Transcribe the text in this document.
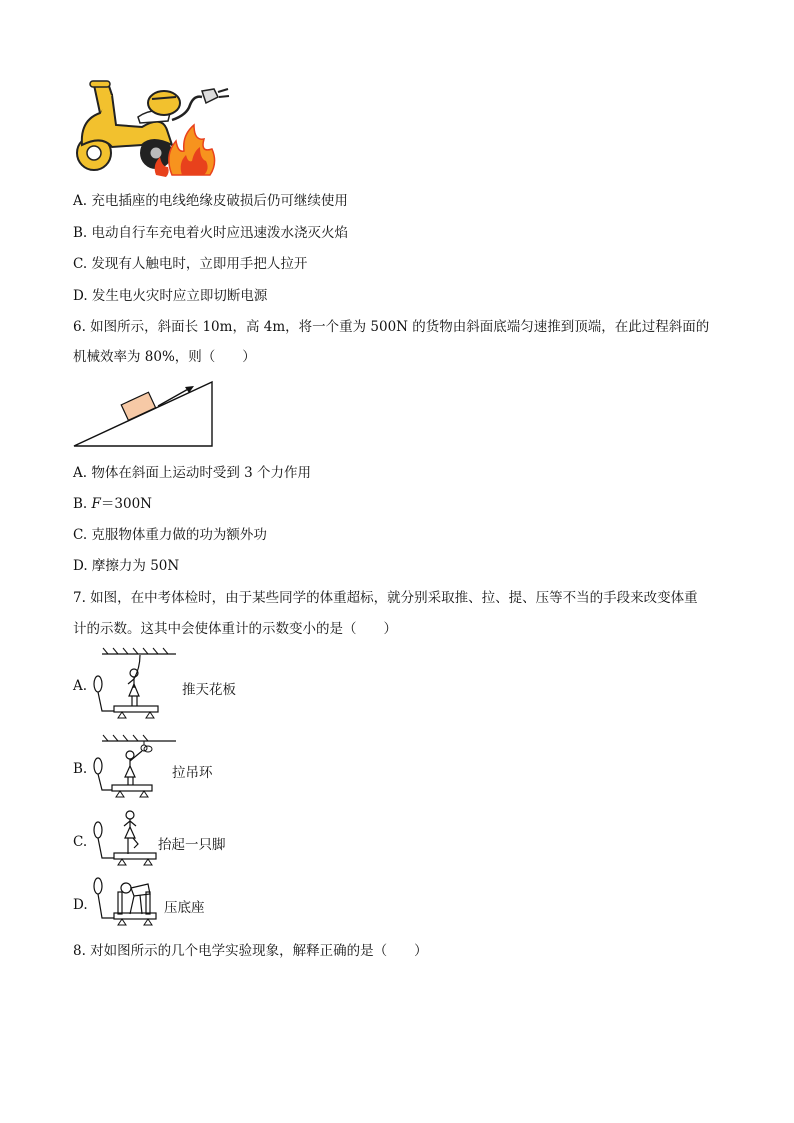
A. 充电插座的电线绝缘皮破损后仍可继续使用
B. 电动自行车充电着火时应迅速泼水浇灭火焰
C. 发现有人触电时，立即用手把人拉开
D. 发生电火灾时应立即切断电源
6. 如图所示，斜面长 10m，高 4m，将一个重为 500N 的货物由斜面底端匀速推到顶端，在此过程斜面的
机械效率为 80%，则（　　）
A. 物体在斜面上运动时受到 3 个力作用
B. F＝300N
C. 克服物体重力做的功为额外功
D. 摩擦力为 50N
7. 如图，在中考体检时，由于某些同学的体重超标，就分别采取推、拉、提、压等不当的手段来改变体重
计的示数。这其中会使体重计的示数变小的是（　　）
A.	推天花板
B.	拉吊环
C.	抬起一只脚
D.	压底座
8. 对如图所示的几个电学实验现象，解释正确的是（　　）
